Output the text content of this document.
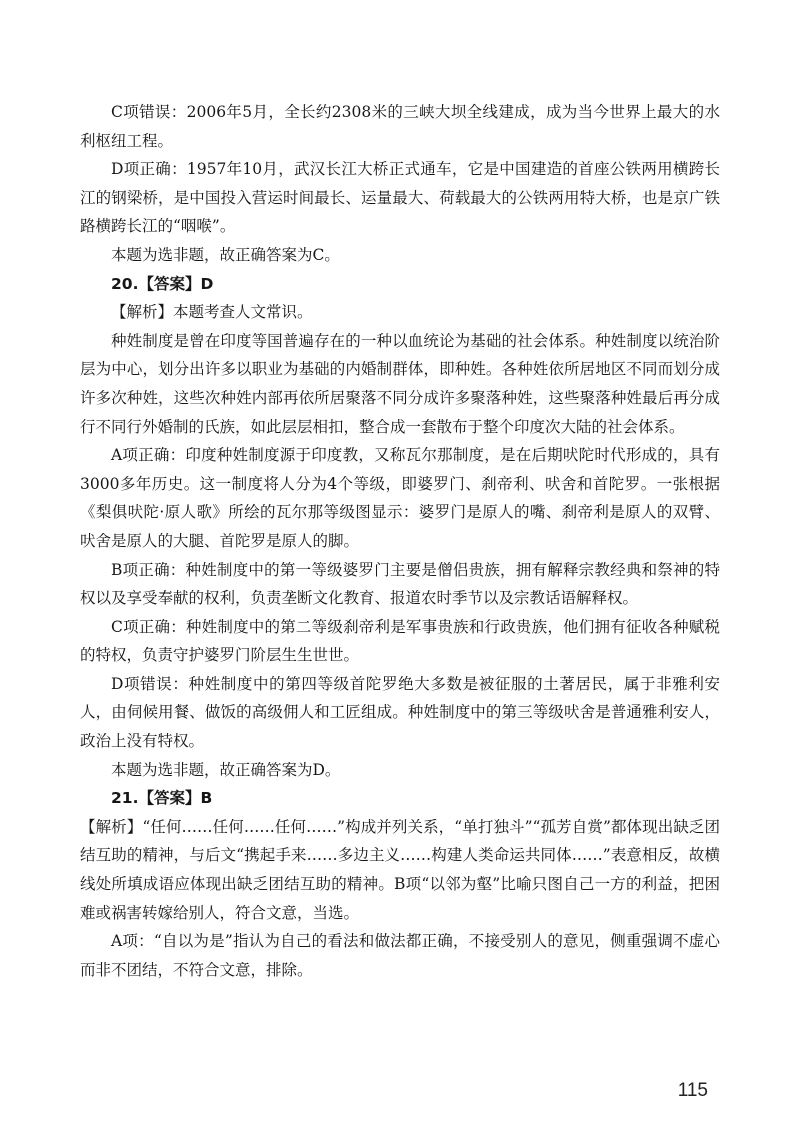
C项错误：2006年5月，全长约2308米的三峡大坝全线建成，成为当今世界上最大的水利枢纽工程。

D项正确：1957年10月，武汉长江大桥正式通车，它是中国建造的首座公铁两用横跨长江的钢梁桥，是中国投入营运时间最长、运量最大、荷载最大的公铁两用特大桥，也是京广铁路横跨长江的“咽喉”。

本题为选非题，故正确答案为C。

20.【答案】D

【解析】本题考查人文常识。

种姓制度是曾在印度等国普遍存在的一种以血统论为基础的社会体系。种姓制度以统治阶层为中心，划分出许多以职业为基础的内婚制群体，即种姓。各种姓依所居地区不同而划分成许多次种姓，这些次种姓内部再依所居聚落不同分成许多聚落种姓，这些聚落种姓最后再分成行不同行外婚制的氏族，如此层层相扣，整合成一套散布于整个印度次大陆的社会体系。

A项正确：印度种姓制度源于印度教，又称瓦尔那制度，是在后期吠陀时代形成的，具有3000多年历史。这一制度将人分为4个等级，即婆罗门、刹帝利、吠舍和首陀罗。一张根据《梨俱吠陀·原人歌》所绘的瓦尔那等级图显示：婆罗门是原人的嘴、刹帝利是原人的双臂、吠舍是原人的大腿、首陀罗是原人的脚。

B项正确：种姓制度中的第一等级婆罗门主要是僧侣贵族，拥有解释宗教经典和祭神的特权以及享受奉献的权利，负责垄断文化教育、报道农时季节以及宗教话语解释权。

C项正确：种姓制度中的第二等级刹帝利是军事贵族和行政贵族，他们拥有征收各种赋税的特权，负责守护婆罗门阶层生生世世。

D项错误：种姓制度中的第四等级首陀罗绝大多数是被征服的土著居民，属于非雅利安人，由伺候用餐、做饭的高级佣人和工匠组成。种姓制度中的第三等级吠舍是普通雅利安人，政治上没有特权。

本题为选非题，故正确答案为D。

21.【答案】B

【解析】“任何……任何……任何……”构成并列关系，“单打独斗”“孤芳自赏”都体现出缺乏团结互助的精神，与后文“携起手来……多边主义……构建人类命运共同体……”表意相反，故横线处所填成语应体现出缺乏团结互助的精神。B项“以邻为壑”比喻只图自己一方的利益，把困难或祸害转嫁给别人，符合文意，当选。

A项：“自以为是”指认为自己的看法和做法都正确，不接受别人的意见，侧重强调不虚心而非不团结，不符合文意，排除。

115
